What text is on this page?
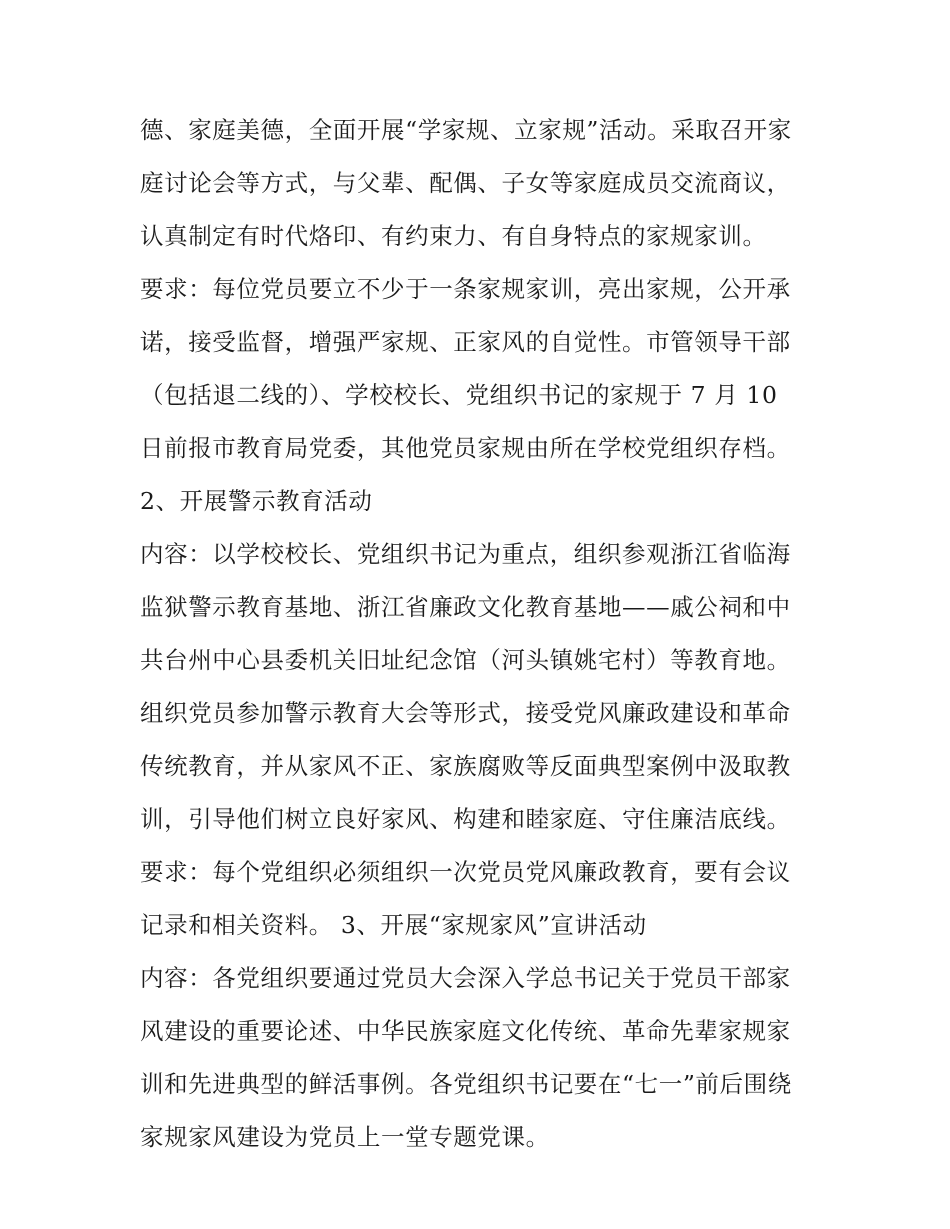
德、家庭美德，全面开展“学家规、立家规”活动。采取召开家
庭讨论会等方式，与父辈、配偶、子女等家庭成员交流商议，
认真制定有时代烙印、有约束力、有自身特点的家规家训。
要求：每位党员要立不少于一条家规家训，亮出家规，公开承
诺，接受监督，增强严家规、正家风的自觉性。市管领导干部
（包括退二线的）、学校校长、党组织书记的家规于 7 月 10
日前报市教育局党委，其他党员家规由所在学校党组织存档。
2、开展警示教育活动
内容：以学校校长、党组织书记为重点，组织参观浙江省临海
监狱警示教育基地、浙江省廉政文化教育基地——戚公祠和中
共台州中心县委机关旧址纪念馆（河头镇姚宅村）等教育地。
组织党员参加警示教育大会等形式，接受党风廉政建设和革命
传统教育，并从家风不正、家族腐败等反面典型案例中汲取教
训，引导他们树立良好家风、构建和睦家庭、守住廉洁底线。
要求：每个党组织必须组织一次党员党风廉政教育，要有会议
记录和相关资料。 3、开展“家规家风”宣讲活动
内容：各党组织要通过党员大会深入学总书记关于党员干部家
风建设的重要论述、中华民族家庭文化传统、革命先辈家规家
训和先进典型的鲜活事例。各党组织书记要在“七一”前后围绕
家规家风建设为党员上一堂专题党课。
